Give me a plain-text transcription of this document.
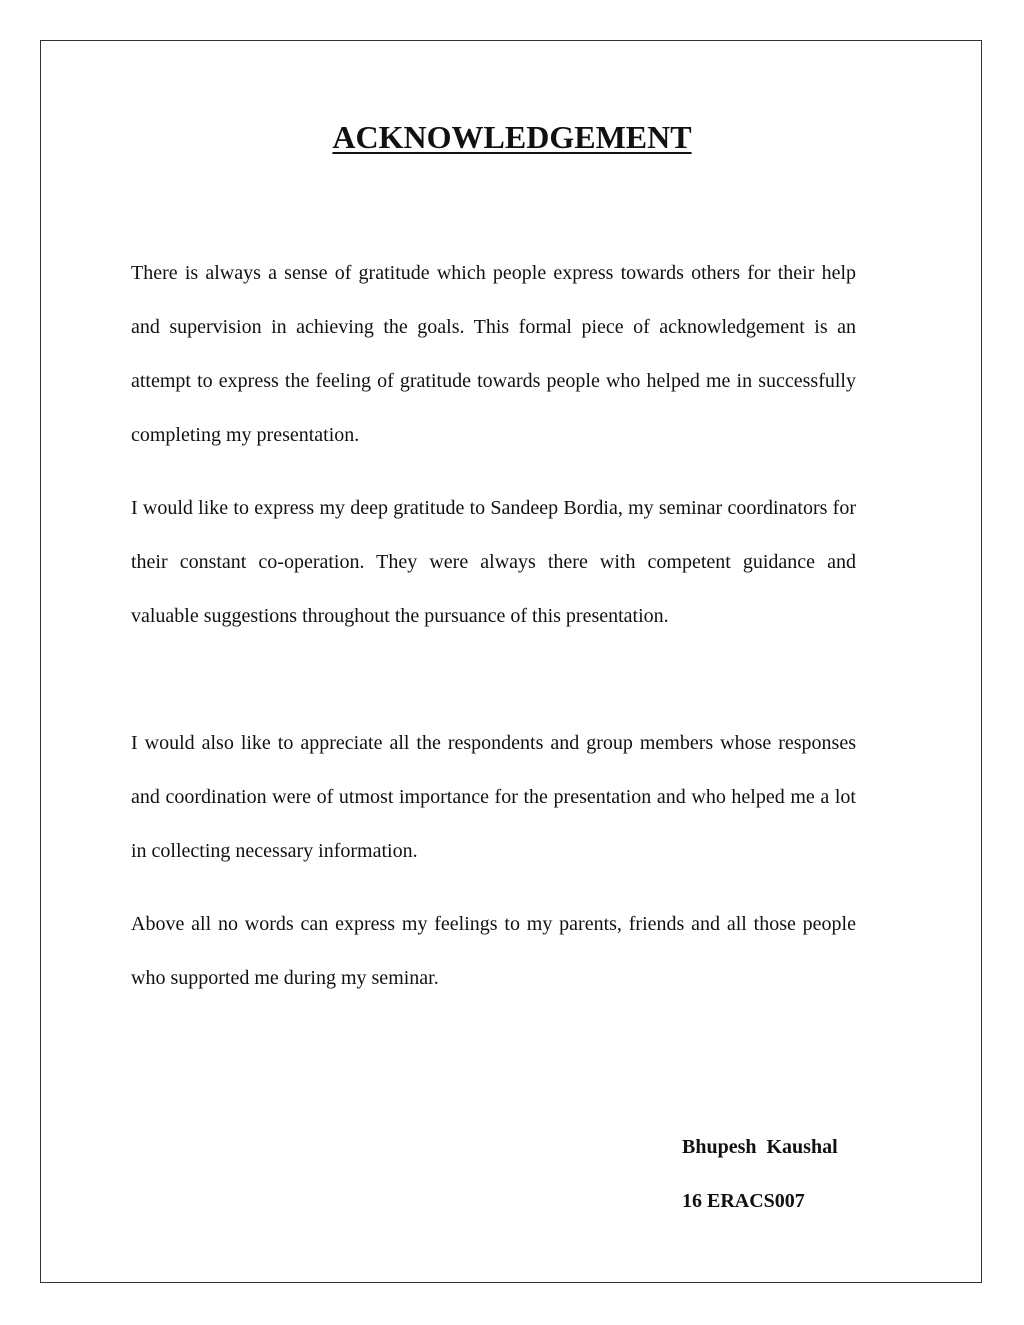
ACKNOWLEDGEMENT

There is always a sense of gratitude which people express towards others for their help and supervision in achieving the goals. This formal piece of acknowledgement is an attempt to express the feeling of gratitude towards people who helped me in successfully completing my presentation.

I would like to express my deep gratitude to Sandeep Bordia, my seminar coordinators for their constant co-operation. They were always there with competent guidance and valuable suggestions throughout the pursuance of this presentation.

I would also like to appreciate all the respondents and group members whose responses and coordination were of utmost importance for the presentation and who helped me a lot in collecting necessary information.

Above all no words can express my feelings to my parents, friends and all those people who supported me during my seminar.

Bhupesh  Kaushal

16 ERACS007
